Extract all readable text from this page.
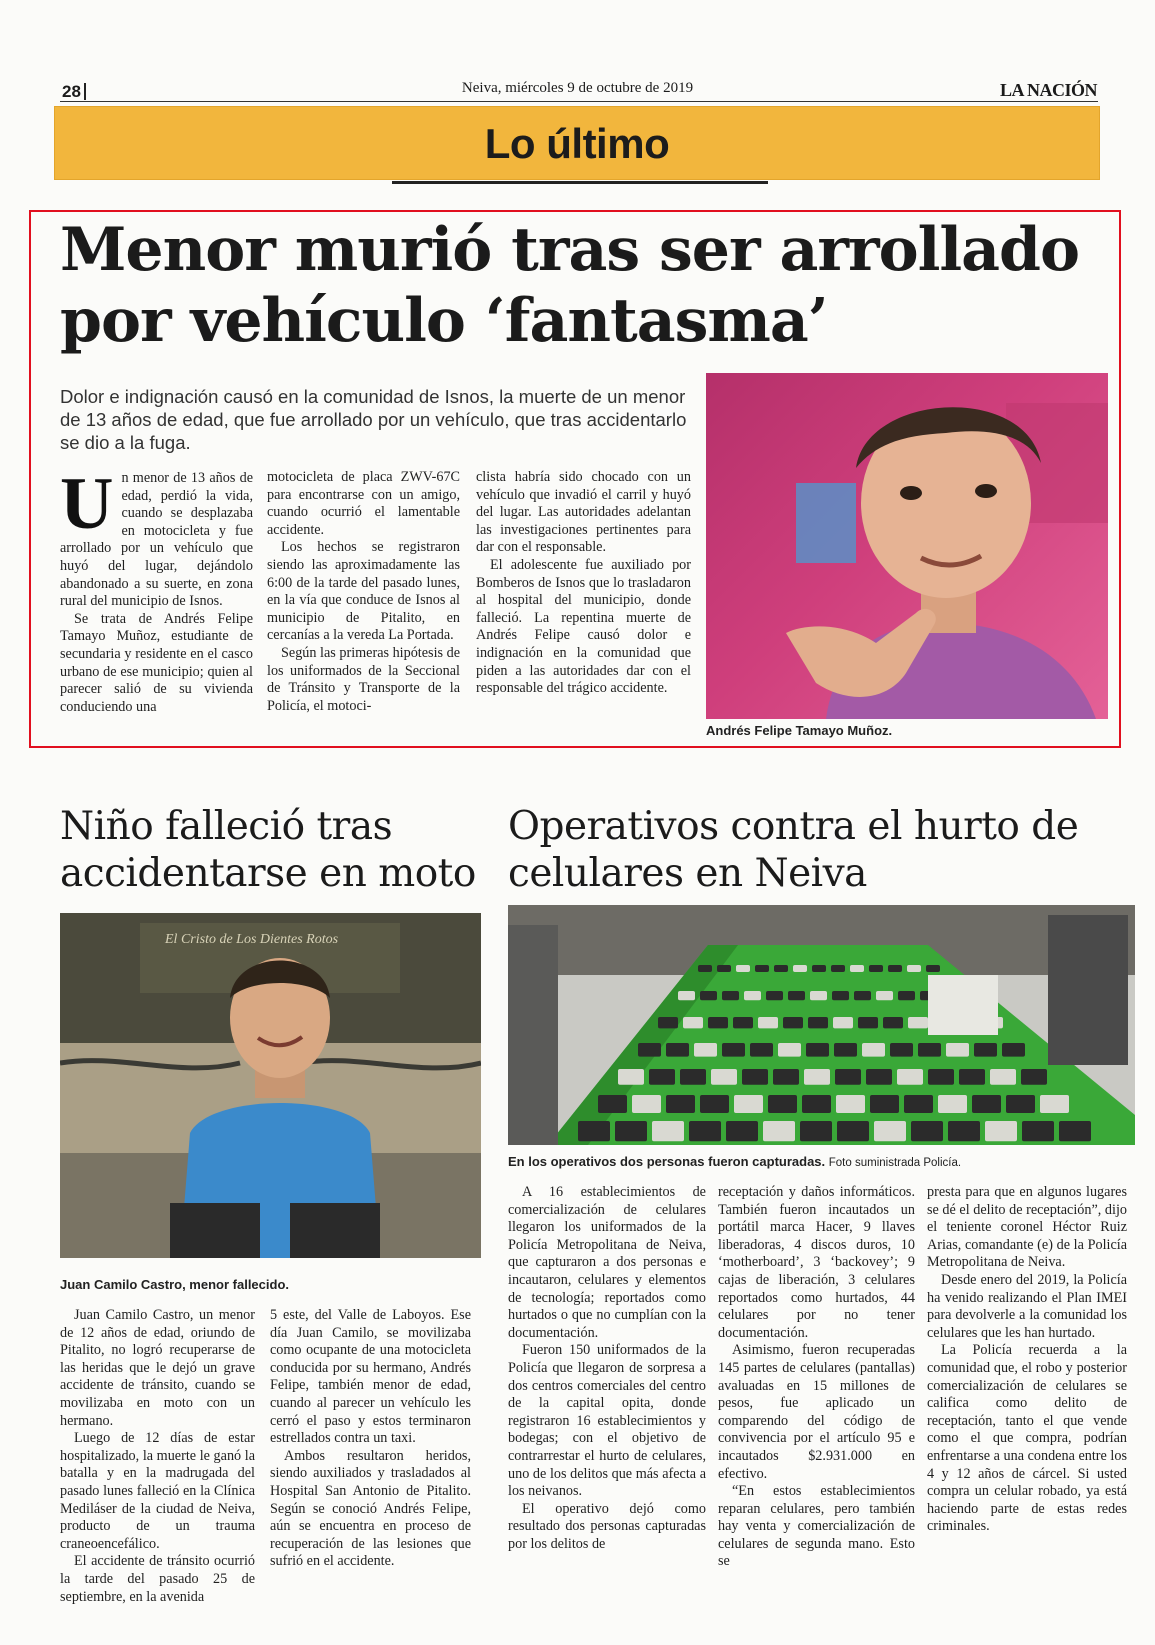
28	Neiva, miércoles 9 de octubre de 2019	LA NACIÓN
Lo último
Menor murió tras ser arrollado por vehículo ‘fantasma’
Dolor e indignación causó en la comunidad de Isnos, la muerte de un menor de 13 años de edad, que fue arrollado por un vehículo, que tras accidentarlo se dio a la fuga.

Un menor de 13 años de edad, perdió la vida, cuando se desplazaba en motocicleta y fue arrollado por un vehículo que huyó del lugar, dejándolo abandonado a su suerte, en zona rural del municipio de Isnos.

Se trata de Andrés Felipe Tamayo Muñoz, estudiante de secundaria y residente en el casco urbano de ese municipio; quien al parecer salió de su vivienda conduciendo una

motocicleta de placa ZWV-67C para encontrarse con un amigo, cuando ocurrió el lamentable accidente.

Los hechos se registraron siendo las aproximadamente las 6:00 de la tarde del pasado lunes, en la vía que conduce de Isnos al municipio de Pitalito, en cercanías a la vereda La Portada.

Según las primeras hipótesis de los uniformados de la Seccional de Tránsito y Transporte de la Policía, el motoci-

clista habría sido chocado con un vehículo que invadió el carril y huyó del lugar. Las autoridades adelantan las investigaciones pertinentes para dar con el responsable.

El adolescente fue auxiliado por Bomberos de Isnos que lo trasladaron al hospital del municipio, donde falleció. La repentina muerte de Andrés Felipe causó dolor e indignación en la comunidad que piden a las autoridades dar con el responsable del trágico accidente.

Andrés Felipe Tamayo Muñoz.
Niño falleció tras accidentarse en moto
El Cristo de Los Dientes Rotos
Juan Camilo Castro, menor fallecido.

Juan Camilo Castro, un menor de 12 años de edad, oriundo de Pitalito, no logró recuperarse de las heridas que le dejó un grave accidente de tránsito, cuando se movilizaba en moto con un hermano.

Luego de 12 días de estar hospitalizado, la muerte le ganó la batalla y en la madrugada del pasado lunes falleció en la Clínica Mediláser de la ciudad de Neiva, producto de un trauma craneoencefálico.

El accidente de tránsito ocurrió la tarde del pasado 25 de septiembre, en la avenida

5 este, del Valle de Laboyos. Ese día Juan Camilo, se movilizaba como ocupante de una motocicleta conducida por su hermano, Andrés Felipe, también menor de edad, cuando al parecer un vehículo les cerró el paso y estos terminaron estrellados contra un taxi.

Ambos resultaron heridos, siendo auxiliados y trasladados al Hospital San Antonio de Pitalito. Según se conoció Andrés Felipe, aún se encuentra en proceso de recuperación de las lesiones que sufrió en el accidente.

Operativos contra el hurto de celulares en Neiva
En los operativos dos personas fueron capturadas. Foto suministrada Policía.

A 16 establecimientos de comercialización de celulares llegaron los uniformados de la Policía Metropolitana de Neiva, que capturaron a dos personas e incautaron, celulares y elementos de tecnología; reportados como hurtados o que no cumplían con la documentación.

Fueron 150 uniformados de la Policía que llegaron de sorpresa a dos centros comerciales del centro de la capital opita, donde registraron 16 establecimientos y bodegas; con el objetivo de contrarrestar el hurto de celulares, uno de los delitos que más afecta a los neivanos.

El operativo dejó como resultado dos personas capturadas por los delitos de

receptación y daños informáticos. También fueron incautados un portátil marca Hacer, 9 llaves liberadoras, 4 discos duros, 10 ‘motherboard’, 3 ‘backovey’; 9 cajas de liberación, 3 celulares reportados como hurtados, 44 celulares por no tener documentación.

Asimismo, fueron recuperadas 145 partes de celulares (pantallas) avaluadas en 15 millones de pesos, fue aplicado un comparendo del código de convivencia por el artículo 95 e incautados $2.931.000 en efectivo.

“En estos establecimientos reparan celulares, pero también hay venta y comercialización de celulares de segunda mano. Esto se

presta para que en algunos lugares se dé el delito de receptación”, dijo el teniente coronel Héctor Ruiz Arias, comandante (e) de la Policía Metropolitana de Neiva.

Desde enero del 2019, la Policía ha venido realizando el Plan IMEI para devolverle a la comunidad los celulares que les han hurtado.

La Policía recuerda a la comunidad que, el robo y posterior comercialización de celulares se califica como delito de receptación, tanto el que vende como el que compra, podrían enfrentarse a una condena entre los 4 y 12 años de cárcel. Si usted compra un celular robado, ya está haciendo parte de estas redes criminales.
